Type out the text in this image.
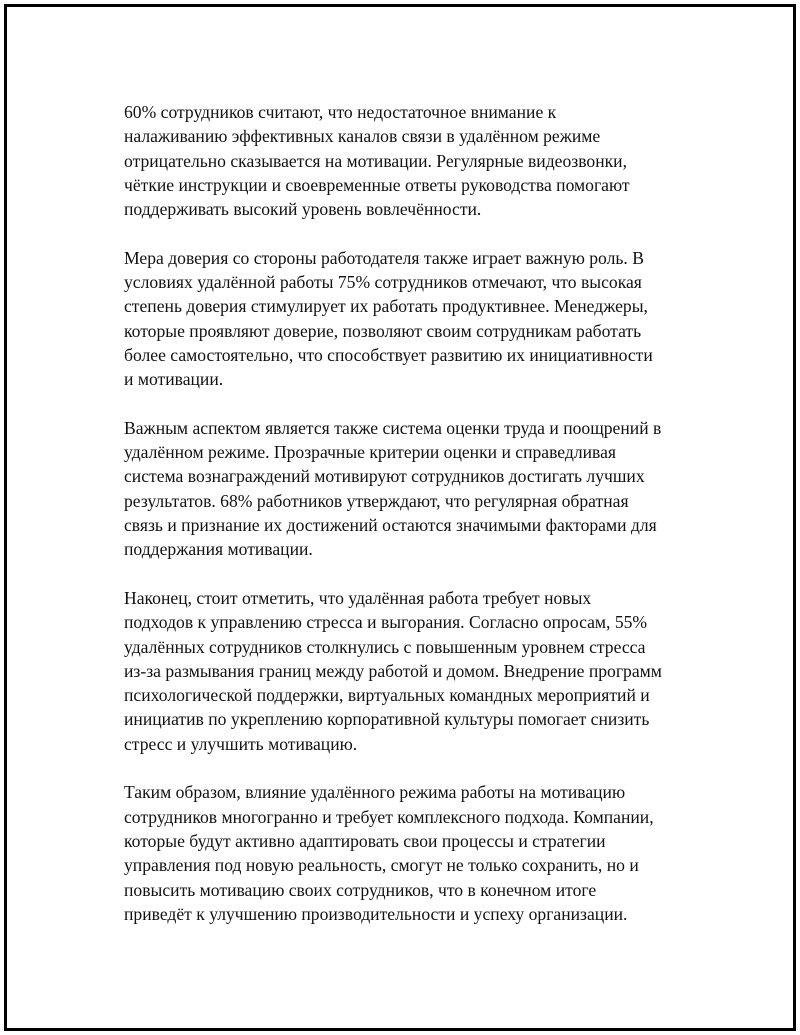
60% сотрудников считают, что недостаточное внимание к
налаживанию эффективных каналов связи в удалённом режиме
отрицательно сказывается на мотивации. Регулярные видеозвонки,
чёткие инструкции и своевременные ответы руководства помогают
поддерживать высокий уровень вовлечённости.

Мера доверия со стороны работодателя также играет важную роль. В
условиях удалённой работы 75% сотрудников отмечают, что высокая
степень доверия стимулирует их работать продуктивнее. Менеджеры,
которые проявляют доверие, позволяют своим сотрудникам работать
более самостоятельно, что способствует развитию их инициативности
и мотивации.

Важным аспектом является также система оценки труда и поощрений в
удалённом режиме. Прозрачные критерии оценки и справедливая
система вознаграждений мотивируют сотрудников достигать лучших
результатов. 68% работников утверждают, что регулярная обратная
связь и признание их достижений остаются значимыми факторами для
поддержания мотивации.

Наконец, стоит отметить, что удалённая работа требует новых
подходов к управлению стресса и выгорания. Согласно опросам, 55%
удалённых сотрудников столкнулись с повышенным уровнем стресса
из-за размывания границ между работой и домом. Внедрение программ
психологической поддержки, виртуальных командных мероприятий и
инициатив по укреплению корпоративной культуры помогает снизить
стресс и улучшить мотивацию.

Таким образом, влияние удалённого режима работы на мотивацию
сотрудников многогранно и требует комплексного подхода. Компании,
которые будут активно адаптировать свои процессы и стратегии
управления под новую реальность, смогут не только сохранить, но и
повысить мотивацию своих сотрудников, что в конечном итоге
приведёт к улучшению производительности и успеху организации.
